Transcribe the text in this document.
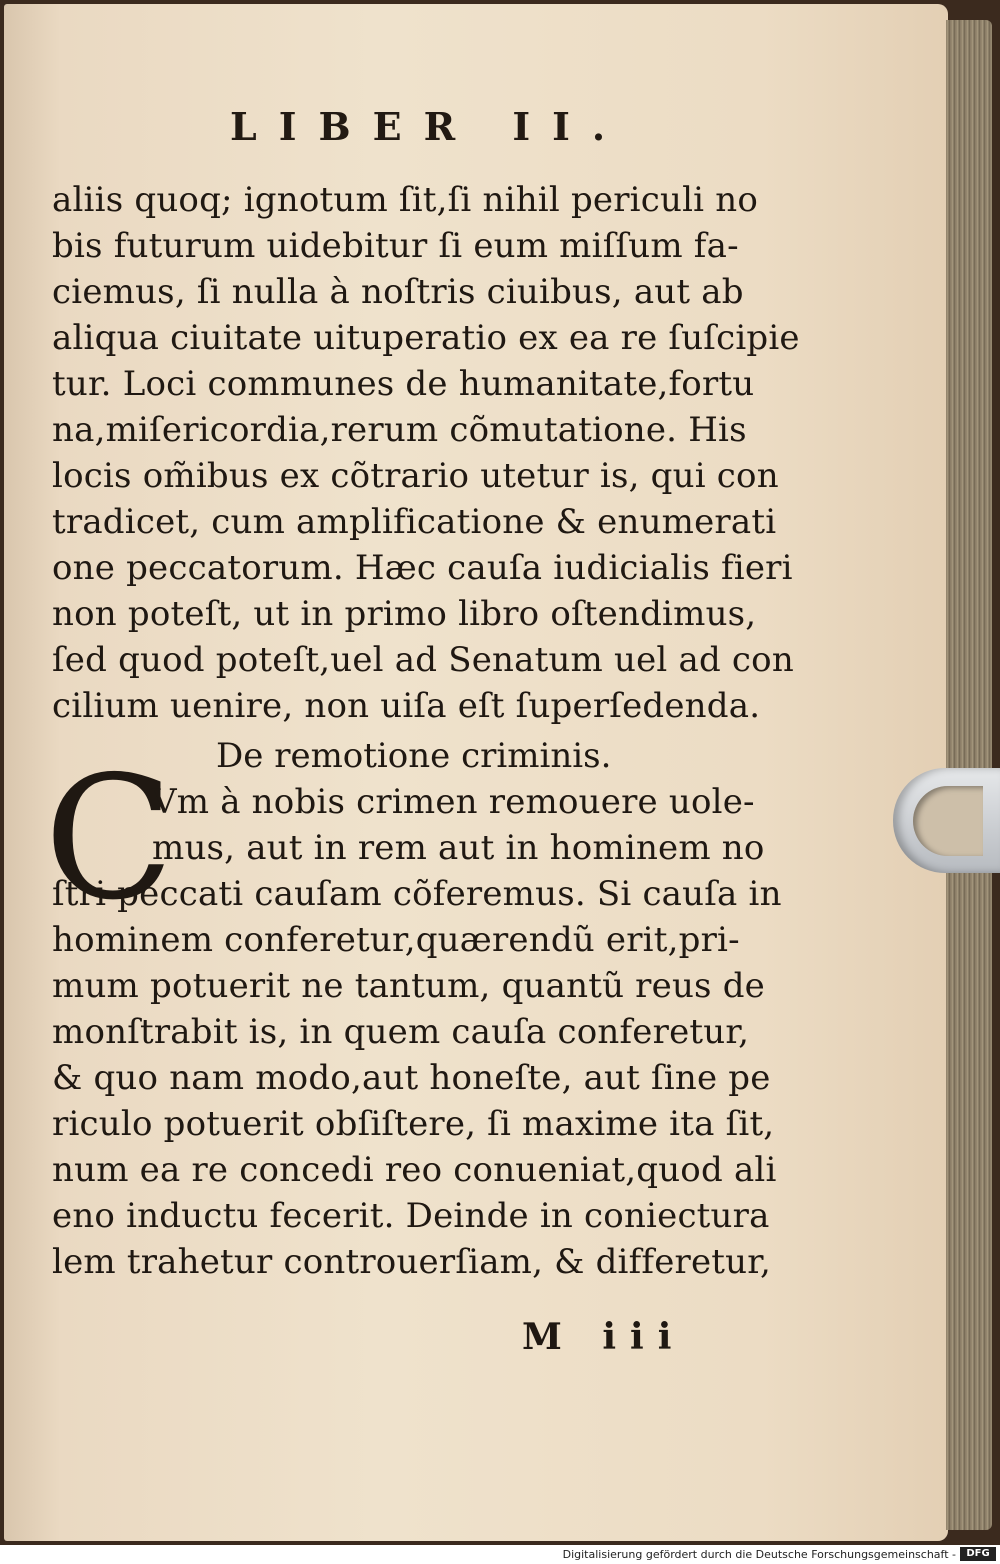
LIBER II.
aliis quoq; ignotum ſit,ſi nihil periculi no
bis futurum uidebitur ſi eum miſſum fa-
ciemus, ſi nulla à noſtris ciuibus, aut ab
aliqua ciuitate uituperatio ex ea re ſuſcipie
tur. Loci communes de humanitate,fortu
na,miſericordia,rerum cõmutatione. His
locis om̃ibus ex cõtrario utetur is, qui con
tradicet, cum amplificatione & enumerati
one peccatorum. Hæc cauſa iudicialis fieri
non poteſt, ut in primo libro oſtendimus,
ſed quod poteſt,uel ad Senatum uel ad con
cilium uenire, non uiſa eſt ſuperſedenda.
De remotione criminis.
C
Vm à nobis crimen remouere uole-
mus, aut in rem aut in hominem no
ſtri peccati cauſam cõferemus. Si cauſa in
hominem conferetur,quærendũ erit,pri-
mum potuerit ne tantum, quantũ reus de
monſtrabit is, in quem cauſa conferetur,
& quo nam modo,aut honeſte, aut ſine pe
riculo potuerit obſiſtere, ſi maxime ita ſit,
num ea re concedi reo conueniat,quod ali
eno inductu fecerit. Deinde in coniectura
lem trahetur controuerſiam, & differetur,
M iii
Digitalisierung gefördert durch die Deutsche Forschungsgemeinschaft -	DFG
